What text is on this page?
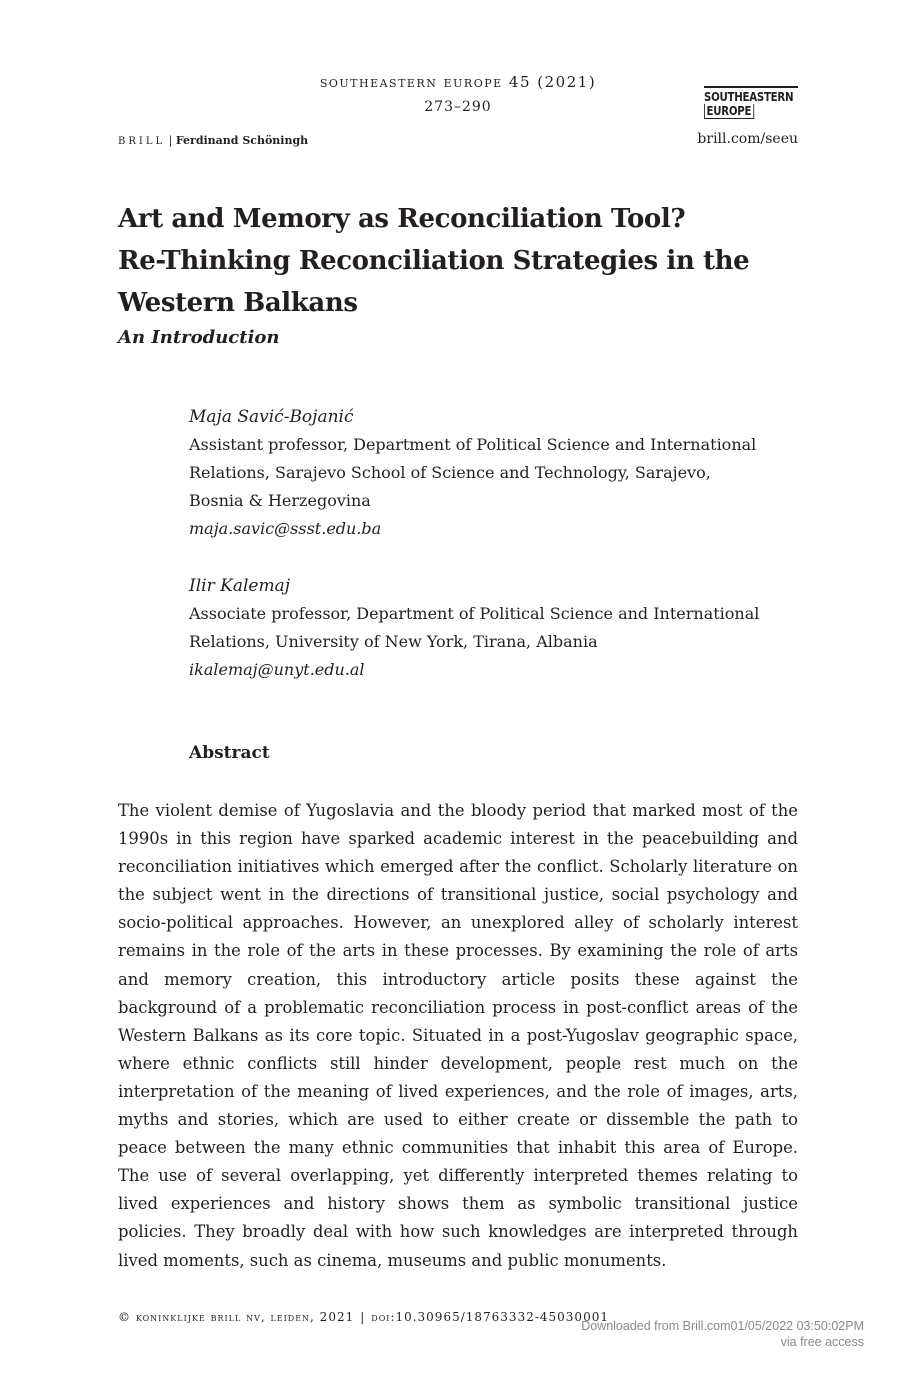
southeastern europe 45 (2021)
273–290
BRILL | Ferdinand Schöningh
SOUTHEASTERN
EUROPE
brill.com/seeu
Art and Memory as Reconciliation Tool?
Re-Thinking Reconciliation Strategies in the
Western Balkans
An Introduction
Maja Savić-Bojanić
Assistant professor, Department of Political Science and International
Relations, Sarajevo School of Science and Technology, Sarajevo,
Bosnia & Herzegovina
maja.savic@ssst.edu.ba
Ilir Kalemaj
Associate professor, Department of Political Science and International
Relations, University of New York, Tirana, Albania
ikalemaj@unyt.edu.al
Abstract
The violent demise of Yugoslavia and the bloody period that marked most of the 1990s in this region have sparked academic interest in the peacebuilding and reconciliation initiatives which emerged after the conflict. Scholarly literature on the subject went in the directions of transitional justice, social psychology and socio-political approaches. However, an unexplored alley of scholarly interest remains in the role of the arts in these processes. By examining the role of arts and memory creation, this introductory article posits these against the background of a problematic reconciliation process in post-conflict areas of the Western Balkans as its core topic. Situated in a post-Yugoslav geographic space, where ethnic conflicts still hinder development, people rest much on the interpretation of the meaning of lived experiences, and the role of images, arts, myths and stories, which are used to either create or dissemble the path to peace between the many ethnic communities that inhabit this area of Europe. The use of several overlapping, yet differently interpreted themes relating to lived experiences and history shows them as symbolic transitional justice policies. They broadly deal with how such knowledges are interpreted through lived moments, such as cinema, museums and public monuments.
© koninklijke brill nv, leiden, 2021 | doi:10.30965/18763332-45030001
Downloaded from Brill.com01/05/2022 03:50:02PM
via free access
